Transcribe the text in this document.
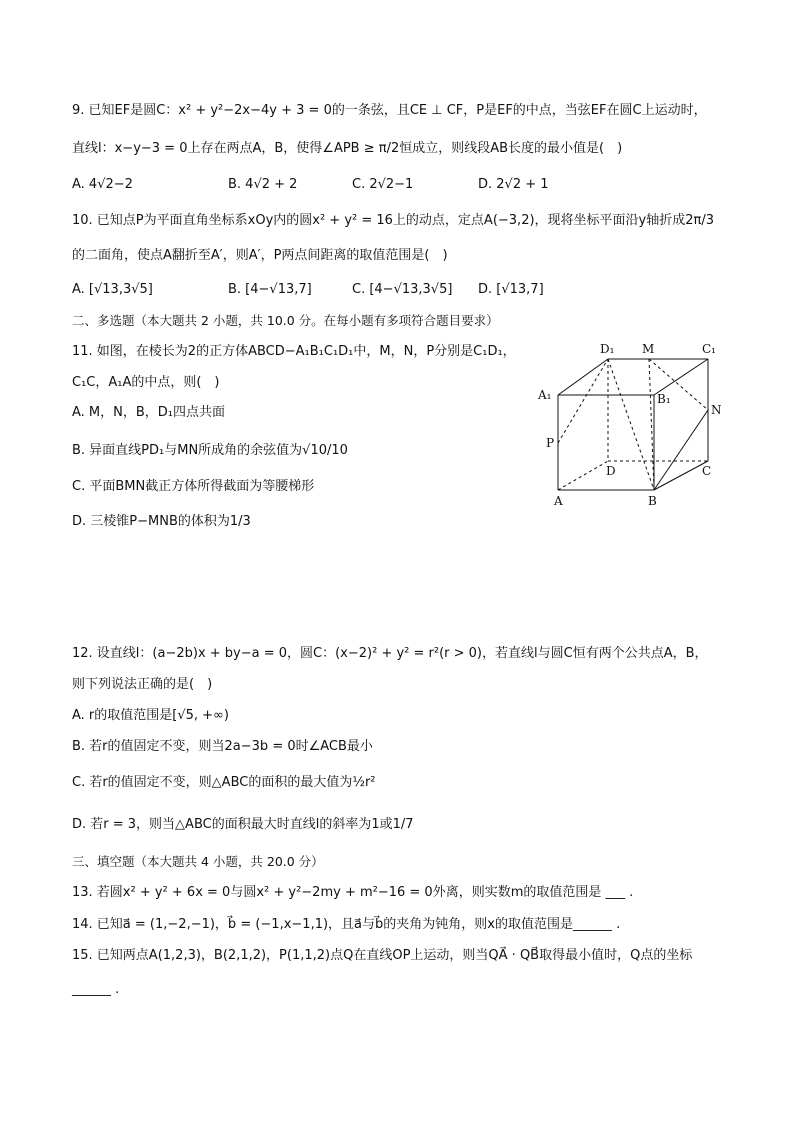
9. 已知EF是圆C：x² + y²−2x−4y + 3 = 0的一条弦，且CE ⊥ CF，P是EF的中点，当弦EF在圆C上运动时，
直线l：x−y−3 = 0上存在两点A，B，使得∠APB ≥ π/2恒成立，则线段AB长度的最小值是(　)
A. 4√2−2	B. 4√2 + 2	C. 2√2−1	D. 2√2 + 1
10. 已知点P为平面直角坐标系xOy内的圆x² + y² = 16上的动点，定点A(−3,2)，现将坐标平面沿y轴折成2π/3
的二面角，使点A翻折至A′，则A′，P两点间距离的取值范围是(　)
A. [√13,3√5]	B. [4−√13,7]	C. [4−√13,3√5] D. [√13,7]
二、多选题（本大题共 2 小题，共 10.0 分。在每小题有多项符合题目要求）
11. 如图，在棱长为2的正方体ABCD−A₁B₁C₁D₁中，M，N，P分别是C₁D₁，
C₁C，A₁A的中点，则(　)
A. M，N，B，D₁四点共面
B. 异面直线PD₁与MN所成角的余弦值为√10/10
C. 平面BMN截正方体所得截面为等腰梯形
D. 三棱锥P−MNB的体积为1/3
D₁ M	C₁
A₁	B₁
N
P
D	C
A	B
12. 设直线l：(a−2b)x + by−a = 0，圆C：(x−2)² + y² = r²(r > 0)，若直线l与圆C恒有两个公共点A，B，
则下列说法正确的是(　)
A. r的取值范围是[√5, +∞)
B. 若r的值固定不变，则当2a−3b = 0时∠ACB最小
C. 若r的值固定不变，则△ABC的面积的最大值为½r²
D. 若r = 3，则当△ABC的面积最大时直线l的斜率为1或1/7
三、填空题（本大题共 4 小题，共 20.0 分）
13. 若圆x² + y² + 6x = 0与圆x² + y²−2my + m²−16 = 0外离，则实数m的取值范围是 ___ .
14. 已知a⃗ = (1,−2,−1)，b⃗ = (−1,x−1,1)，且a⃗与b⃗的夹角为钝角，则x的取值范围是______ .
15. 已知两点A(1,2,3)，B(2,1,2)，P(1,1,2)点Q在直线OP上运动，则当QA⃗ · QB⃗取得最小值时，Q点的坐标
______ .
